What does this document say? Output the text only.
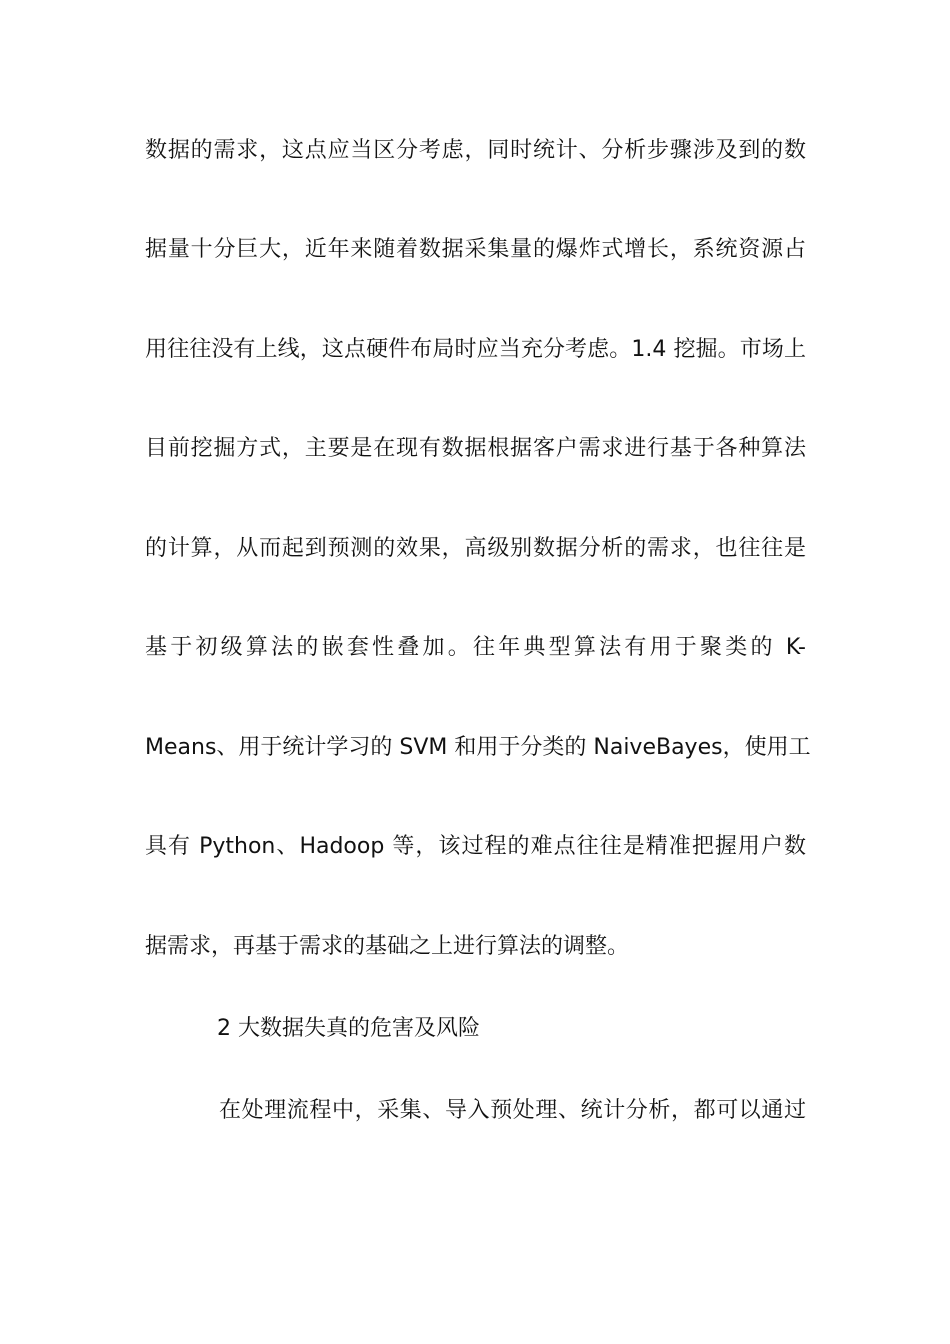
数据的需求，这点应当区分考虑，同时统计、分析步骤涉及到的数
据量十分巨大，近年来随着数据采集量的爆炸式增长，系统资源占
用往往没有上线，这点硬件布局时应当充分考虑。1.4 挖掘。市场上
目前挖掘方式，主要是在现有数据根据客户需求进行基于各种算法
的计算，从而起到预测的效果，高级别数据分析的需求，也往往是
基于初级算法的嵌套性叠加。往年典型算法有用于聚类的 K-
Means、用于统计学习的 SVM 和用于分类的 NaiveBayes，使用工
具有 Python、Hadoop 等，该过程的难点往往是精准把握用户数
据需求，再基于需求的基础之上进行算法的调整。
2 大数据失真的危害及风险
在处理流程中，采集、导入预处理、统计分析，都可以通过
